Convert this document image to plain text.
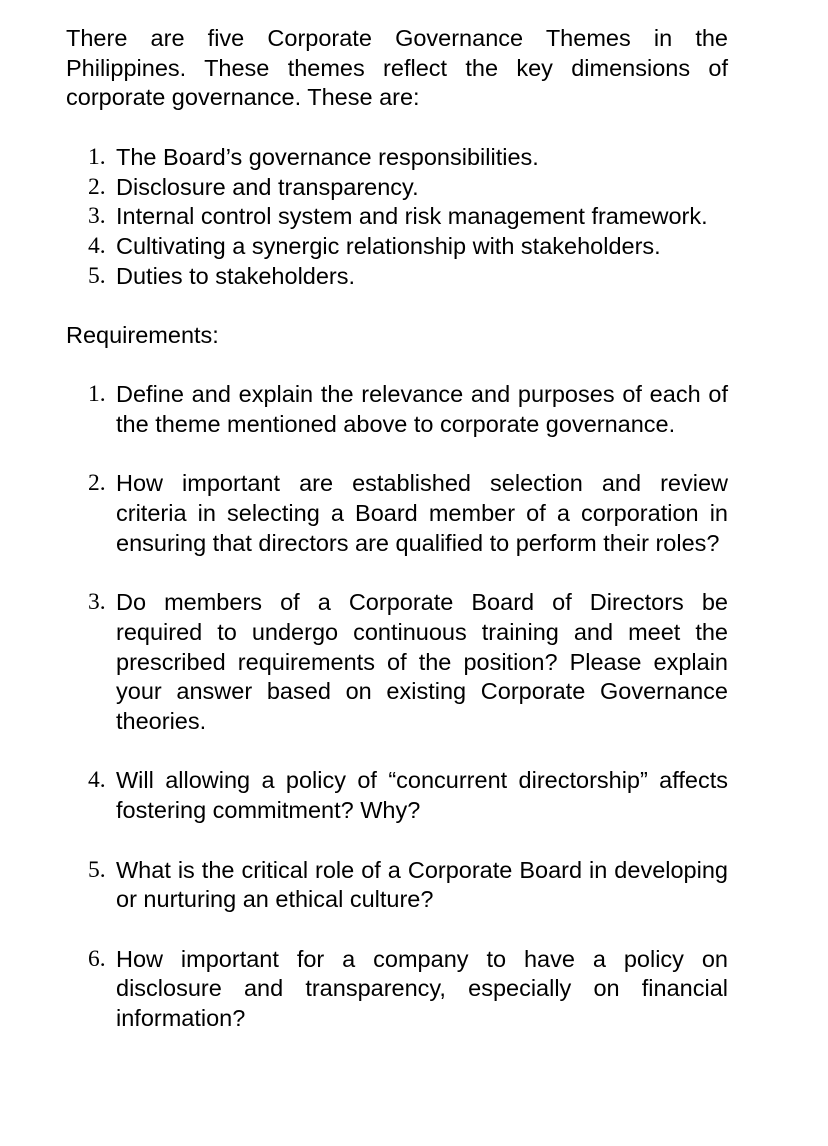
There are five Corporate Governance Themes in the Philippines. These themes reflect the key dimensions of corporate governance. These are:

1. The Board’s governance responsibilities.
2. Disclosure and transparency.
3. Internal control system and risk management framework.
4. Cultivating a synergic relationship with stakeholders.
5. Duties to stakeholders.

Requirements:

1. Define and explain the relevance and purposes of each of the theme mentioned above to corporate governance.
2. How important are established selection and review criteria in selecting a Board member of a corporation in ensuring that directors are qualified to perform their roles?
3. Do members of a Corporate Board of Directors be required to undergo continuous training and meet the prescribed requirements of the position? Please explain your answer based on existing Corporate Governance theories.
4. Will allowing a policy of “concurrent directorship” affects fostering commitment? Why?
5. What is the critical role of a Corporate Board in developing or nurturing an ethical culture?
6. How important for a company to have a policy on disclosure and transparency, especially on financial information?
